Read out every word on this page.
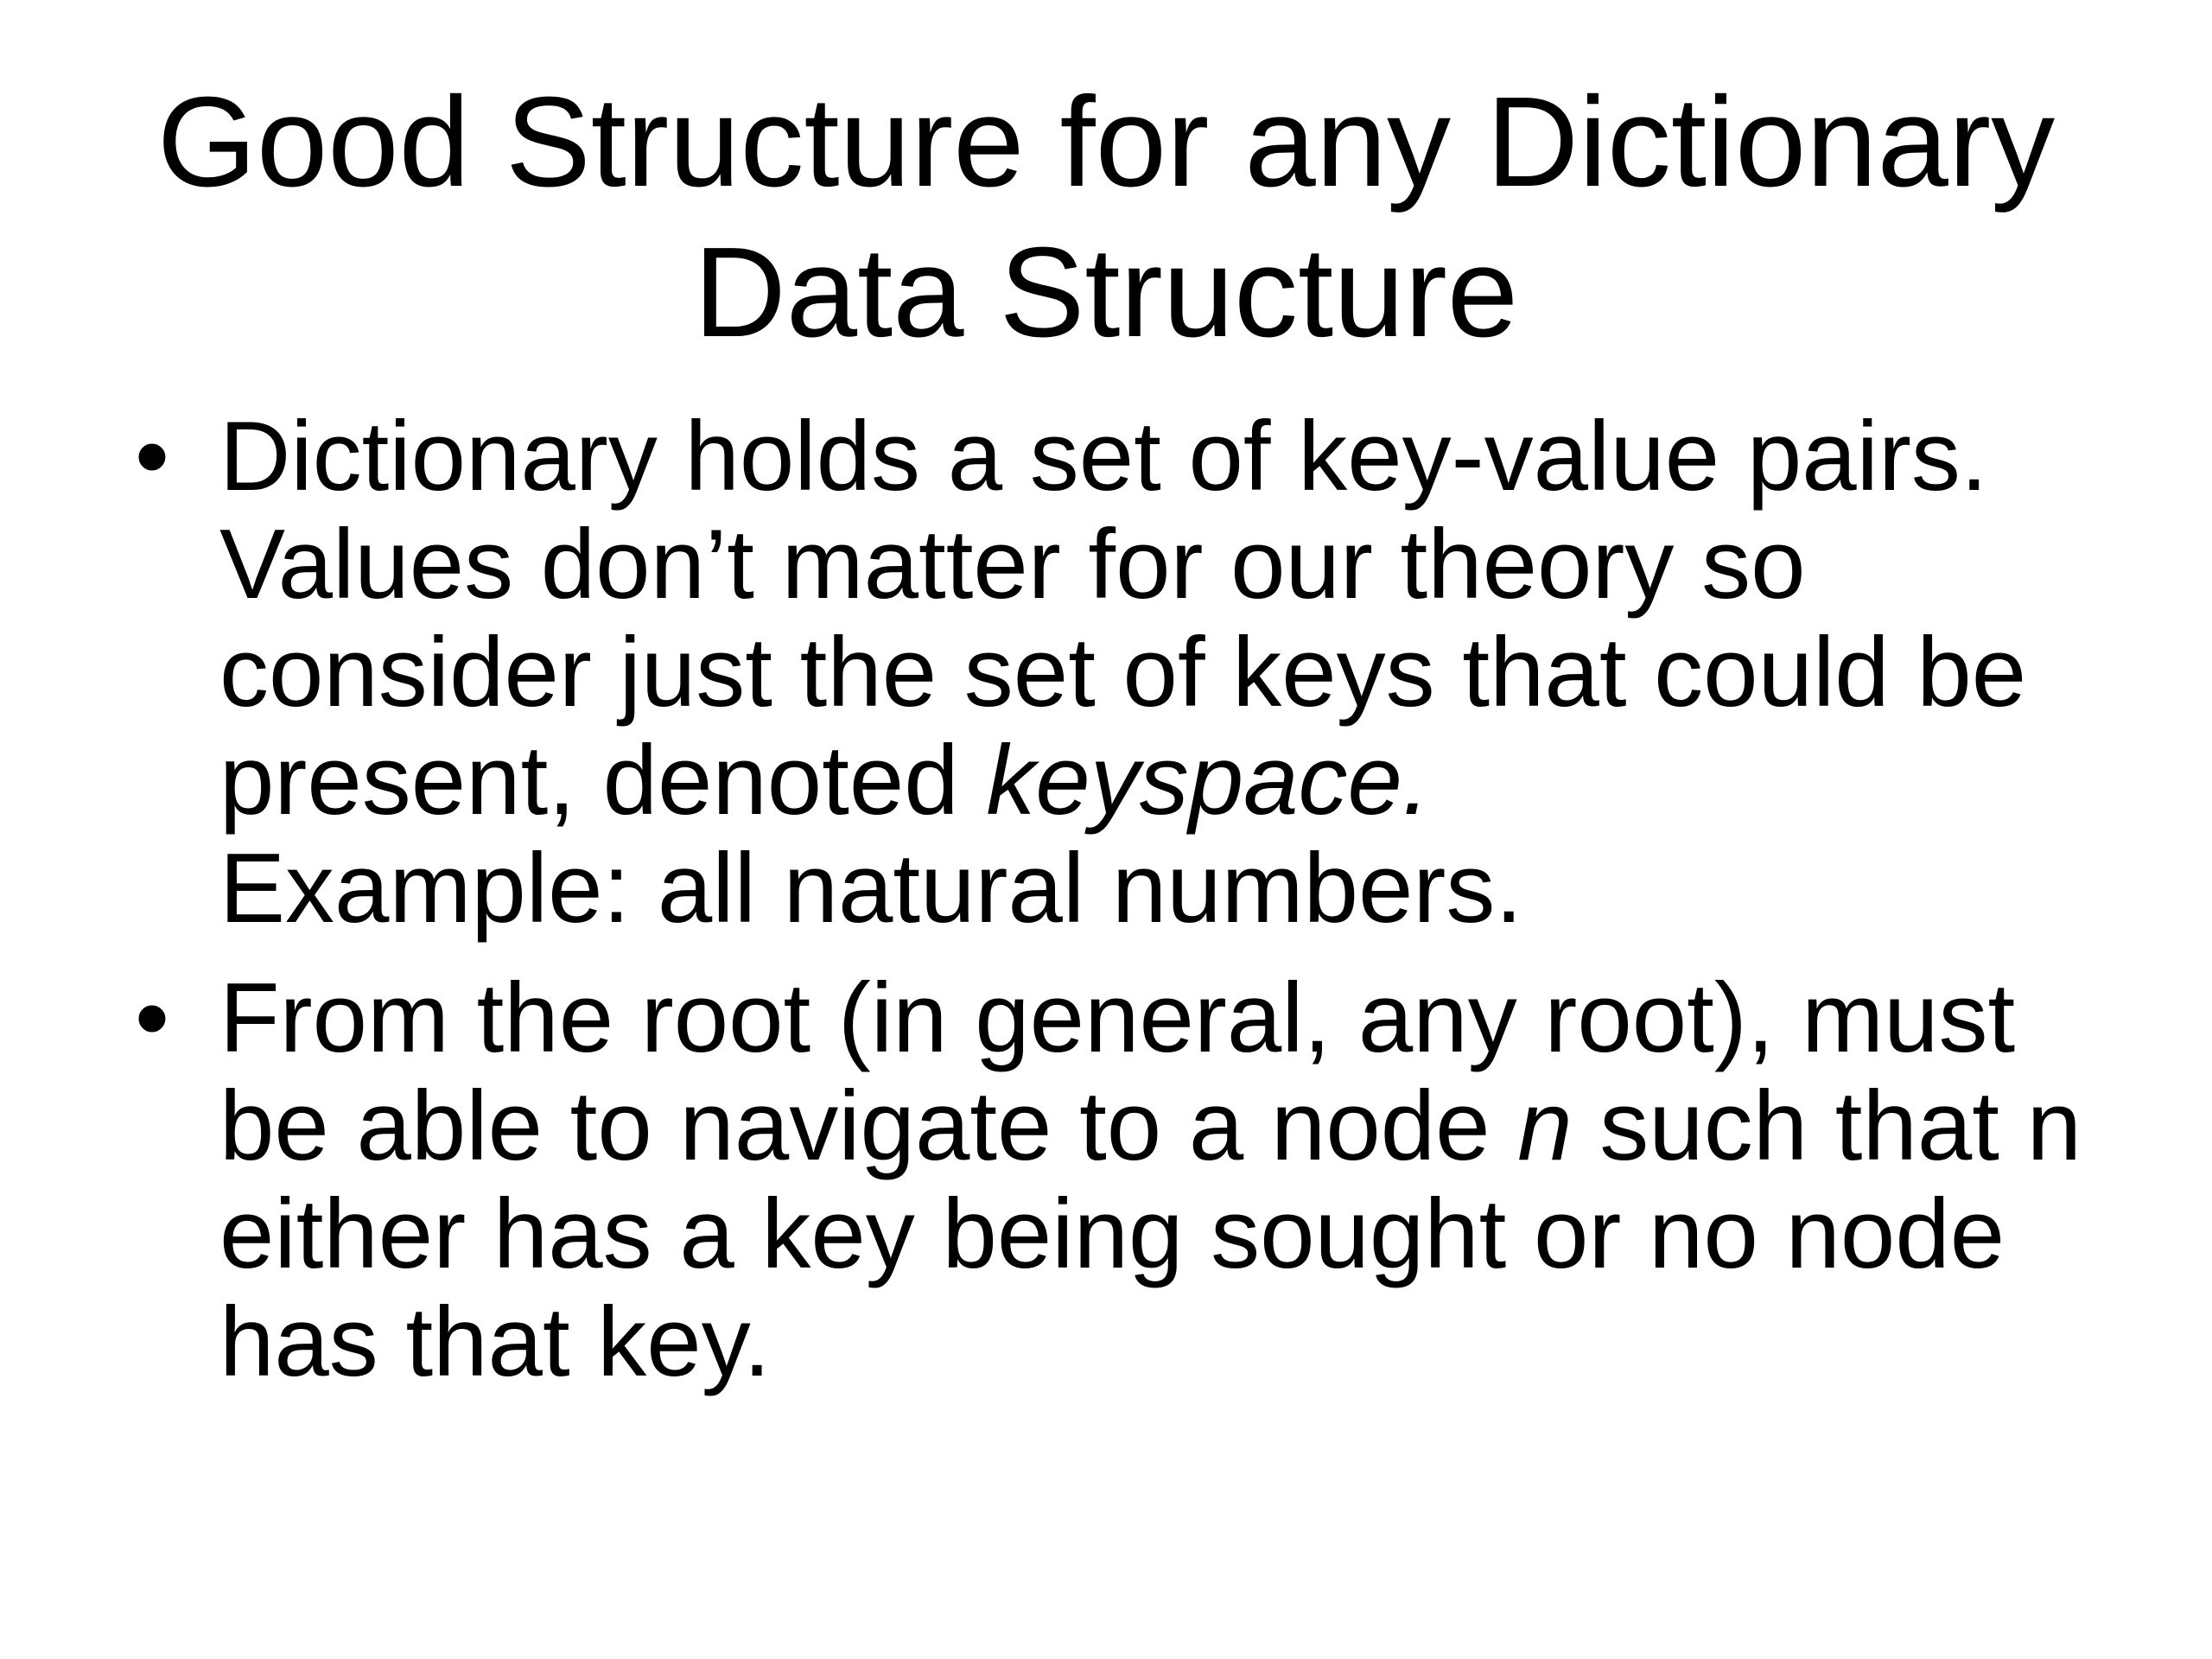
Good Structure for any Dictionary
Data Structure
• Dictionary holds a set of key-value pairs.
Values don’t matter for our theory so
consider just the set of keys that could be
present, denoted keyspace.
Example: all natural numbers.
• From the root (in general, any root), must
be able to navigate to a node n such that n
either has a key being sought or no node
has that key.
